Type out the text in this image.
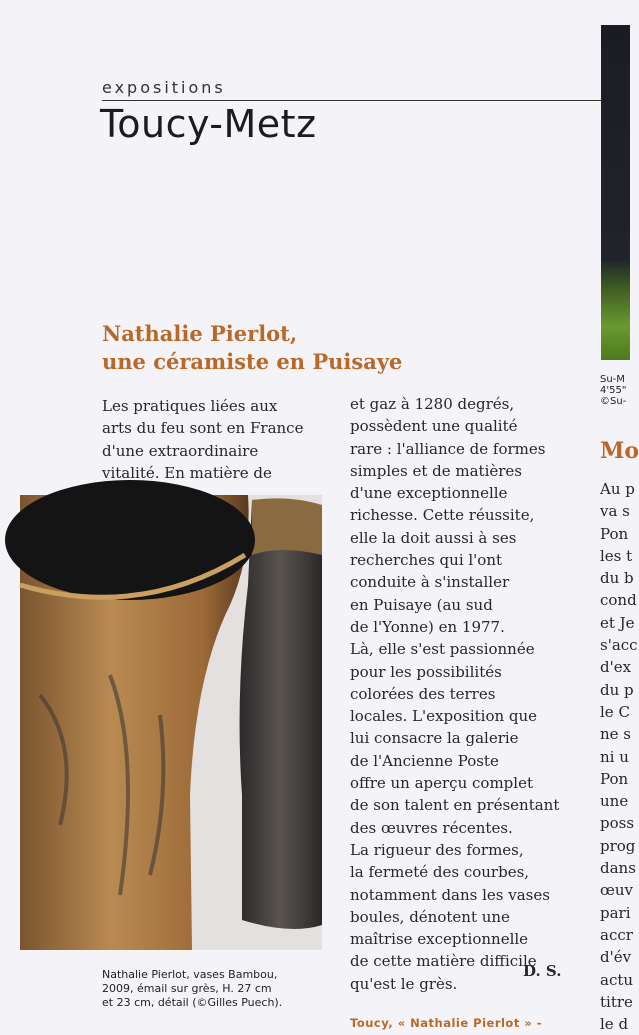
expositions
Toucy-Metz
Nathalie Pierlot,
une céramiste en Puisaye
Les pratiques liées aux
arts du feu sont en France
d'une extraordinaire
vitalité. En matière de
et gaz à 1280 degrés,
possèdent une qualité
rare : l'alliance de formes
simples et de matières
d'une exceptionnelle
richesse. Cette réussite,
elle la doit aussi à ses
recherches qui l'ont
conduite à s'installer
en Puisaye (au sud
de l'Yonne) en 1977.
Là, elle s'est passionnée
pour les possibilités
colorées des terres
locales. L'exposition que
lui consacre la galerie
de l'Ancienne Poste
offre un aperçu complet
de son talent en présentant
des œuvres récentes.
La rigueur des formes,
la fermeté des courbes,
notamment dans les vases
boules, dénotent une
maîtrise exceptionnelle
de cette matière difficile
qu'est le grès.
D. S.
Nathalie Pierlot, vases Bambou,
2009, émail sur grès, H. 27 cm
et 23 cm, détail (©Gilles Puech).
Toucy, « Nathalie Pierlot » -
Su-M
4'55"
©Su-
Mo
Au p
va s
Pon
les t
du b
cond
et Je
s'acc
d'ex
du p
le C
ne s
ni u
Pon
une
poss
prog
dans
œuv
pari
accr
d'év
actu
titre
le d
